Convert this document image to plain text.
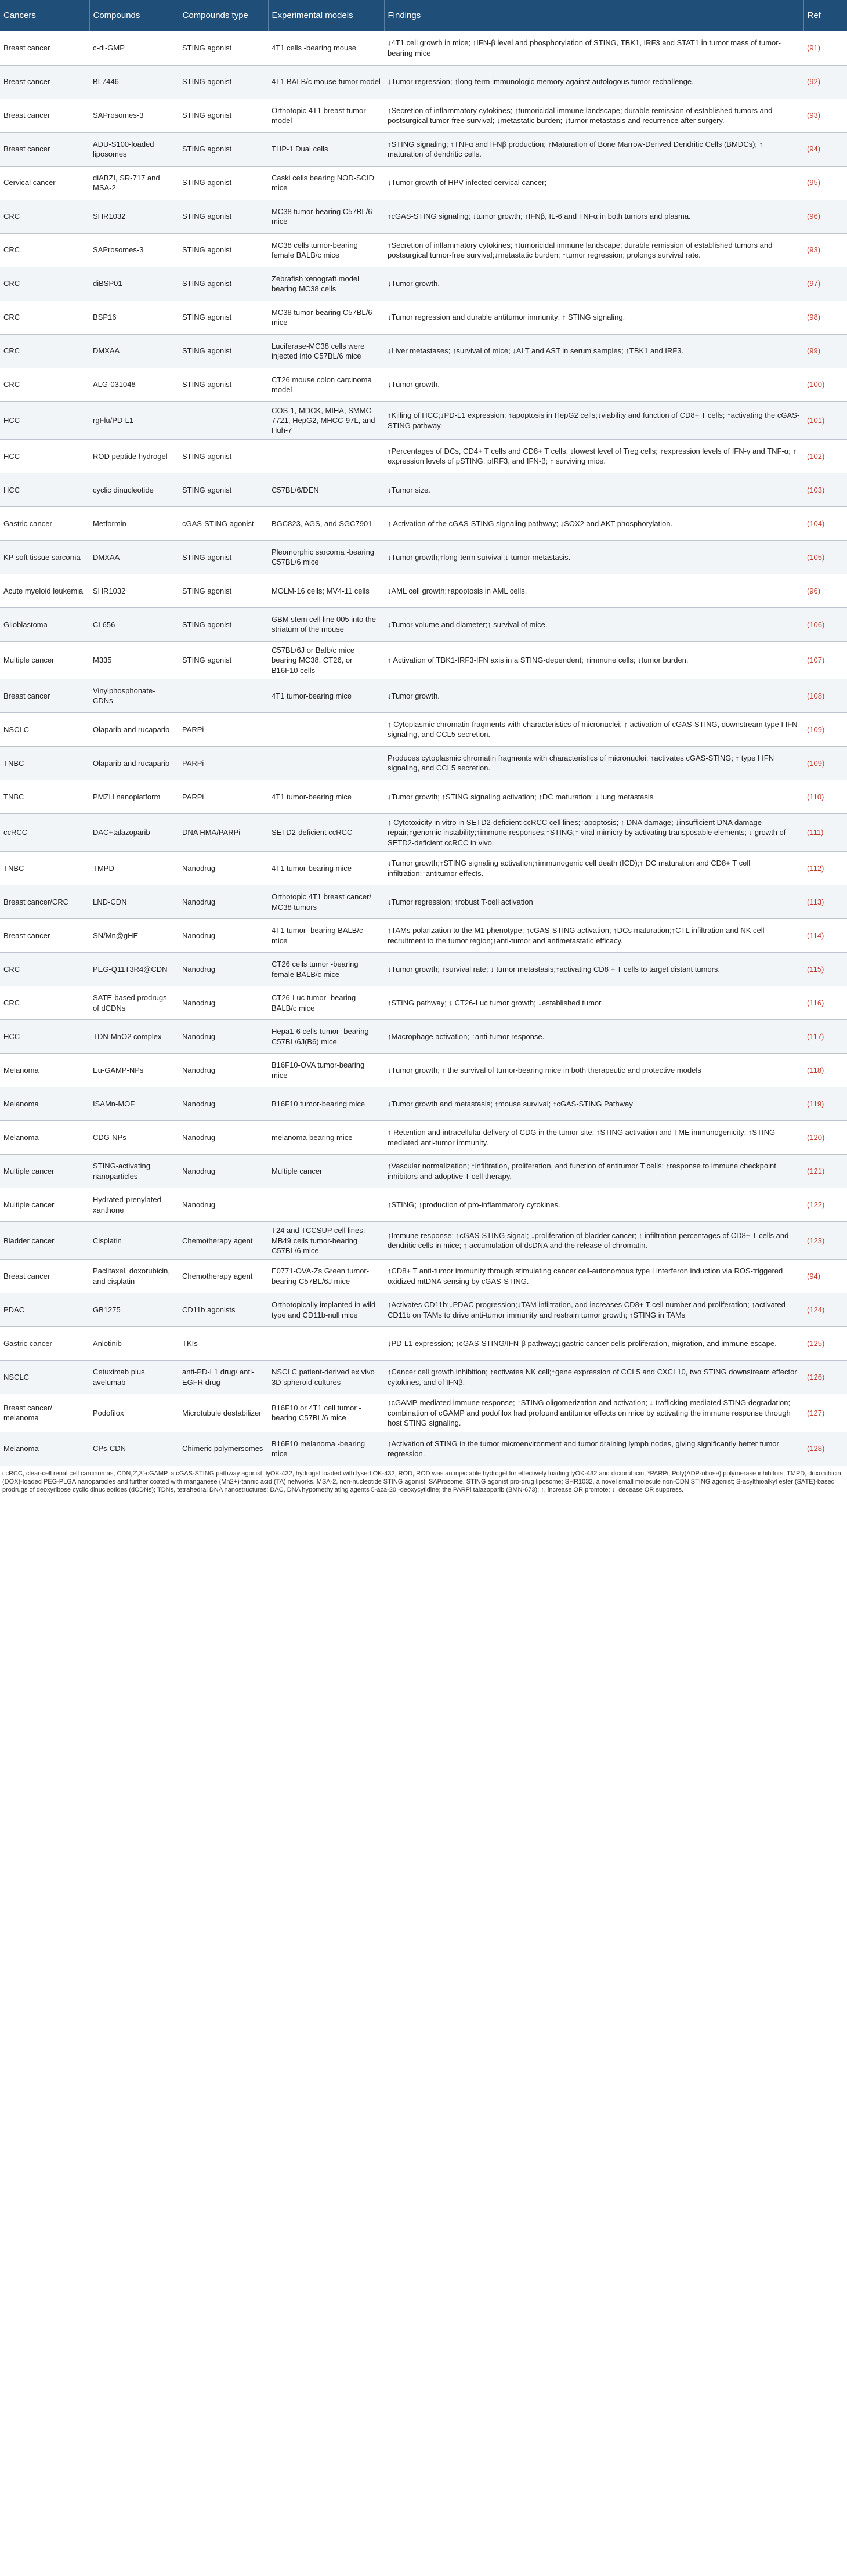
Cancers	Compounds	Compounds type	Experimental models	Findings	Ref
Breast cancer	c-di-GMP	STING agonist	4T1 cells -bearing mouse	↓4T1 cell growth in mice; ↑IFN-β level and phosphorylation of STING, TBK1, IRF3 and STAT1 in tumor mass of tumor-bearing mice	(91)
Breast cancer	BI 7446	STING agonist	4T1 BALB/c mouse tumor model	↓Tumor regression; ↑long-term immunologic memory against autologous tumor rechallenge.	(92)
Breast cancer	SAProsomes-3	STING agonist	Orthotopic 4T1 breast tumor model	↑Secretion of inflammatory cytokines; ↑tumoricidal immune landscape; durable remission of established tumors and postsurgical tumor-free survival; ↓metastatic burden; ↓tumor metastasis and recurrence after surgery.	(93)
Breast cancer	ADU-S100-loaded liposomes	STING agonist	THP-1 Dual cells	↑STING signaling; ↑TNFα and IFNβ production; ↑Maturation of Bone Marrow-Derived Dendritic Cells (BMDCs); ↑ maturation of dendritic cells.	(94)
Cervical cancer	diABZI, SR-717 and MSA-2	STING agonist	Caski cells bearing NOD-SCID mice	↓Tumor growth of HPV-infected cervical cancer;	(95)
CRC	SHR1032	STING agonist	MC38 tumor-bearing C57BL/6 mice	↑cGAS-STING signaling; ↓tumor growth; ↑IFNβ, IL-6 and TNFα in both tumors and plasma.	(96)
CRC	SAProsomes-3	STING agonist	MC38 cells tumor-bearing female BALB/c mice	↑Secretion of inflammatory cytokines; ↑tumoricidal immune landscape; durable remission of established tumors and postsurgical tumor-free survival;↓metastatic burden; ↑tumor regression; prolongs survival rate.	(93)
CRC	diBSP01	STING agonist	Zebrafish xenograft model bearing MC38 cells	↓Tumor growth.	(97)
CRC	BSP16	STING agonist	MC38 tumor-bearing C57BL/6 mice	↓Tumor regression and durable antitumor immunity; ↑ STING signaling.	(98)
CRC	DMXAA	STING agonist	Luciferase-MC38 cells were injected into C57BL/6 mice	↓Liver metastases; ↑survival of mice; ↓ALT and AST in serum samples; ↑TBK1 and IRF3.	(99)
CRC	ALG-031048	STING agonist	CT26 mouse colon carcinoma model	↓Tumor growth.	(100)
HCC	rgFlu/PD-L1	–	COS-1, MDCK, MIHA, SMMC-7721, HepG2, MHCC-97L, and Huh-7	↑Killing of HCC;↓PD-L1 expression; ↑apoptosis in HepG2 cells;↓viability and function of CD8+ T cells; ↑activating the cGAS-STING pathway.	(101)
HCC	ROD peptide hydrogel	STING agonist		↑Percentages of DCs, CD4+ T cells and CD8+ T cells; ↓lowest level of Treg cells; ↑expression levels of IFN-γ and TNF-α; ↑ expression levels of pSTING, pIRF3, and IFN-β; ↑ surviving mice.	(102)
HCC	cyclic dinucleotide	STING agonist	C57BL/6/DEN	↓Tumor size.	(103)
Gastric cancer	Metformin	cGAS-STING agonist	BGC823, AGS, and SGC7901	↑ Activation of the cGAS-STING signaling pathway; ↓SOX2 and AKT phosphorylation.	(104)
KP soft tissue sarcoma	DMXAA	STING agonist	Pleomorphic sarcoma -bearing C57BL/6 mice	↓Tumor growth;↑long-term survival;↓ tumor metastasis.	(105)
Acute myeloid leukemia	SHR1032	STING agonist	MOLM-16 cells; MV4-11 cells	↓AML cell growth;↑apoptosis in AML cells.	(96)
Glioblastoma	CL656	STING agonist	GBM stem cell line 005 into the striatum of the mouse	↓Tumor volume and diameter;↑ survival of mice.	(106)
Multiple cancer	M335	STING agonist	C57BL/6J or Balb/c mice bearing MC38, CT26, or B16F10 cells	↑ Activation of TBK1-IRF3-IFN axis in a STING-dependent; ↑immune cells; ↓tumor burden.	(107)
Breast cancer	Vinylphosphonate-CDNs		4T1 tumor-bearing mice	↓Tumor growth.	(108)
NSCLC	Olaparib and rucaparib	PARPi		↑ Cytoplasmic chromatin fragments with characteristics of micronuclei; ↑ activation of cGAS-STING, downstream type I IFN signaling, and CCL5 secretion.	(109)
TNBC	Olaparib and rucaparib	PARPi		Produces cytoplasmic chromatin fragments with characteristics of micronuclei; ↑activates cGAS-STING; ↑ type I IFN signaling, and CCL5 secretion.	(109)
TNBC	PMZH nanoplatform	PARPi	4T1 tumor-bearing mice	↓Tumor growth; ↑STING signaling activation; ↑DC maturation; ↓ lung metastasis	(110)
ccRCC	DAC+talazoparib	DNA HMA/PARPi	SETD2-deficient ccRCC	↑ Cytotoxicity in vitro in SETD2-deficient ccRCC cell lines;↑apoptosis; ↑ DNA damage; ↓insufficient DNA damage repair;↑genomic instability;↑immune responses;↑STING;↑ viral mimicry by activating transposable elements; ↓ growth of SETD2-deficient ccRCC in vivo.	(111)
TNBC	TMPD	Nanodrug	4T1 tumor-bearing mice	↓Tumor growth;↑STING signaling activation;↑immunogenic cell death (ICD);↑ DC maturation and CD8+ T cell infiltration;↑antitumor effects.	(112)
Breast cancer/CRC	LND-CDN	Nanodrug	Orthotopic 4T1 breast cancer/ MC38 tumors	↓Tumor regression; ↑robust T-cell activation	(113)
Breast cancer	SN/Mn@gHE	Nanodrug	4T1 tumor -bearing BALB/c mice	↑TAMs polarization to the M1 phenotype; ↑cGAS-STING activation; ↑DCs maturation;↑CTL infiltration and NK cell recruitment to the tumor region;↑anti-tumor and antimetastatic efficacy.	(114)
CRC	PEG-Q11T3R4@CDN	Nanodrug	CT26 cells tumor -bearing female BALB/c mice	↓Tumor growth; ↑survival rate; ↓ tumor metastasis;↑activating CD8 + T cells to target distant tumors.	(115)
CRC	SATE-based prodrugs of dCDNs	Nanodrug	CT26-Luc tumor -bearing BALB/c mice	↑STING pathway; ↓ CT26-Luc tumor growth; ↓established tumor.	(116)
HCC	TDN-MnO2 complex	Nanodrug	Hepa1-6 cells tumor -bearing C57BL/6J(B6) mice	↑Macrophage activation; ↑anti-tumor response.	(117)
Melanoma	Eu-GAMP-NPs	Nanodrug	B16F10-OVA tumor-bearing mice	↓Tumor growth; ↑ the survival of tumor-bearing mice in both therapeutic and protective models	(118)
Melanoma	ISAMn-MOF	Nanodrug	B16F10 tumor-bearing mice	↓Tumor growth and metastasis; ↑mouse survival; ↑cGAS-STING Pathway	(119)
Melanoma	CDG-NPs	Nanodrug	melanoma-bearing mice	↑ Retention and intracellular delivery of CDG in the tumor site; ↑STING activation and TME immunogenicity; ↑STING-mediated anti-tumor immunity.	(120)
Multiple cancer	STING-activating nanoparticles	Nanodrug	Multiple cancer	↑Vascular normalization; ↑infiltration, proliferation, and function of antitumor T cells; ↑response to immune checkpoint inhibitors and adoptive T cell therapy.	(121)
Multiple cancer	Hydrated-prenylated xanthone	Nanodrug		↑STING; ↑production of pro-inflammatory cytokines.	(122)
Bladder cancer	Cisplatin	Chemotherapy agent	T24 and TCCSUP cell lines; MB49 cells tumor-bearing C57BL/6 mice	↑Immune response; ↑cGAS-STING signal; ↓proliferation of bladder cancer; ↑ infiltration percentages of CD8+ T cells and dendritic cells in mice; ↑ accumulation of dsDNA and the release of chromatin.	(123)
Breast cancer	Paclitaxel, doxorubicin, and cisplatin	Chemotherapy agent	E0771-OVA-Zs Green tumor-bearing C57BL/6J mice	↑CD8+ T anti-tumor immunity through stimulating cancer cell-autonomous type I interferon induction via ROS-triggered oxidized mtDNA sensing by cGAS-STING.	(94)
PDAC	GB1275	CD11b agonists	Orthotopically implanted in wild type and CD11b-null mice	↑Activates CD11b;↓PDAC progression;↓TAM infiltration, and increases CD8+ T cell number and proliferation; ↑activated CD11b on TAMs to drive anti-tumor immunity and restrain tumor growth; ↑STING in TAMs	(124)
Gastric cancer	Anlotinib	TKIs		↓PD-L1 expression; ↑cGAS-STING/IFN-β pathway;↓gastric cancer cells proliferation, migration, and immune escape.	(125)
NSCLC	Cetuximab plus avelumab	anti-PD-L1 drug/ anti-EGFR drug	NSCLC patient-derived ex vivo 3D spheroid cultures	↑Cancer cell growth inhibition; ↑activates NK cell;↑gene expression of CCL5 and CXCL10, two STING downstream effector cytokines, and of IFNβ.	(126)
Breast cancer/ melanoma	Podofilox	Microtubule destabilizer	B16F10 or 4T1 cell tumor -bearing C57BL/6 mice	↑cGAMP-mediated immune response; ↑STING oligomerization and activation; ↓ trafficking-mediated STING degradation; combination of cGAMP and podofilox had profound antitumor effects on mice by activating the immune response through host STING signaling.	(127)
Melanoma	CPs-CDN	Chimeric polymersomes	B16F10 melanoma -bearing mice	↑Activation of STING in the tumor microenvironment and tumor draining lymph nodes, giving significantly better tumor regression.	(128)
ccRCC, clear-cell renal cell carcinomas; CDN,2',3'-cGAMP, a cGAS-STING pathway agonist; lyOK-432, hydrogel loaded with lysed OK-432; ROD, ROD was an injectable hydrogel for effectively loading lyOK-432 and doxorubicin; *PARPi, Poly(ADP-ribose) polymerase inhibitors; TMPD, doxorubicin (DOX)-loaded PEG-PLGA nanoparticles and further coated with manganese (Mn2+)-tannic acid (TA) networks. MSA-2, non-nucleotide STING agonist; SAProsome, STING agonist pro-drug liposome; SHR1032, a novel small molecule non-CDN STING agonist; S-acylthioalkyl ester (SATE)-based prodrugs of deoxyribose cyclic dinucleotides (dCDNs); TDNs, tetrahedral DNA nanostructures; DAC, DNA hypomethylating agents 5-aza-20 -deoxycytidine; the PARPi talazoparib (BMN-673); ↑, increase OR promote; ↓, decease OR suppress.
